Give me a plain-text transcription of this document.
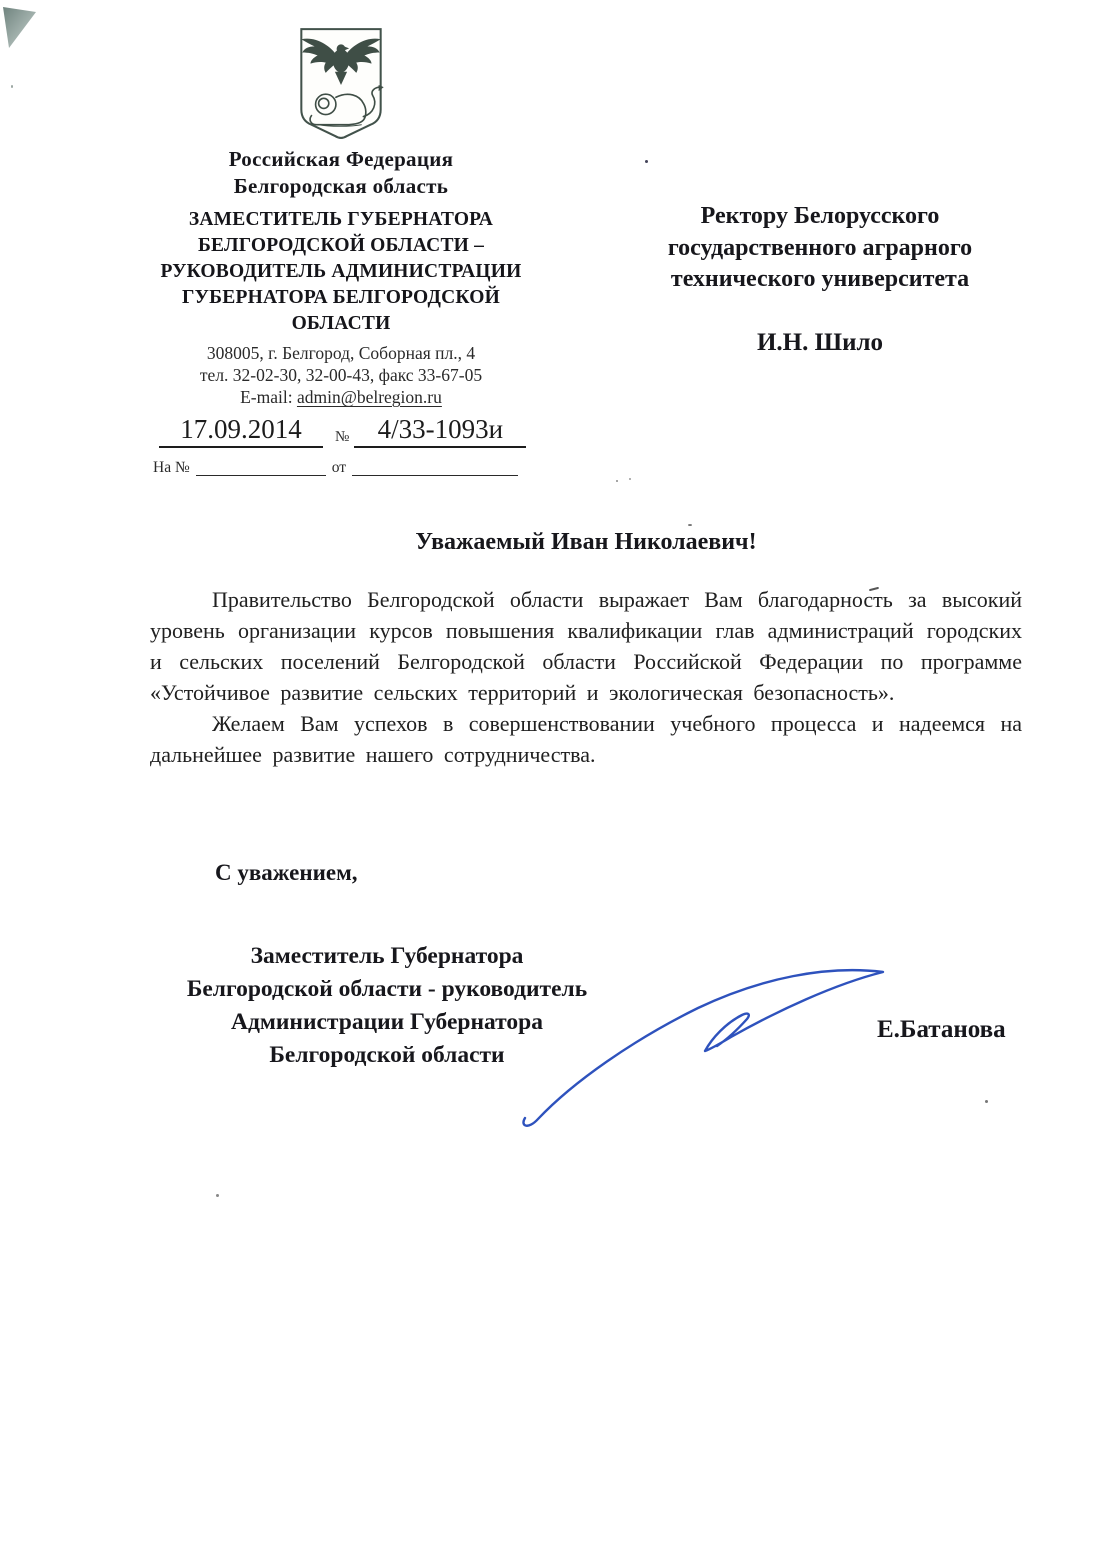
Российская Федерация
Белгородская область
ЗАМЕСТИТЕЛЬ ГУБЕРНАТОРА
БЕЛГОРОДСКОЙ ОБЛАСТИ –
РУКОВОДИТЕЛЬ АДМИНИСТРАЦИИ
ГУБЕРНАТОРА БЕЛГОРОДСКОЙ
ОБЛАСТИ
308005, г. Белгород, Соборная пл., 4
тел. 32-02-30, 32-00-43, факс 33-67-05
E-mail: admin@belregion.ru
17.09.2014	№	4/33-1093и
На №	от
Ректору Белорусского
государственного аграрного
технического университета
И.Н. Шило
Уважаемый Иван Николаевич!

Правительство Белгородской области выражает Вам благодарность за высокий уровень организации курсов повышения квалификации глав администраций городских и сельских поселений Белгородской области Российской Федерации по программе «Устойчивое развитие сельских территорий и экологическая безопасность».

Желаем Вам успехов в совершенствовании учебного процесса и надеемся на дальнейшее развитие нашего сотрудничества.

С уважением,
Заместитель Губернатора
Белгородской области - руководитель
Администрации Губернатора
Белгородской области
Е.Батанова
